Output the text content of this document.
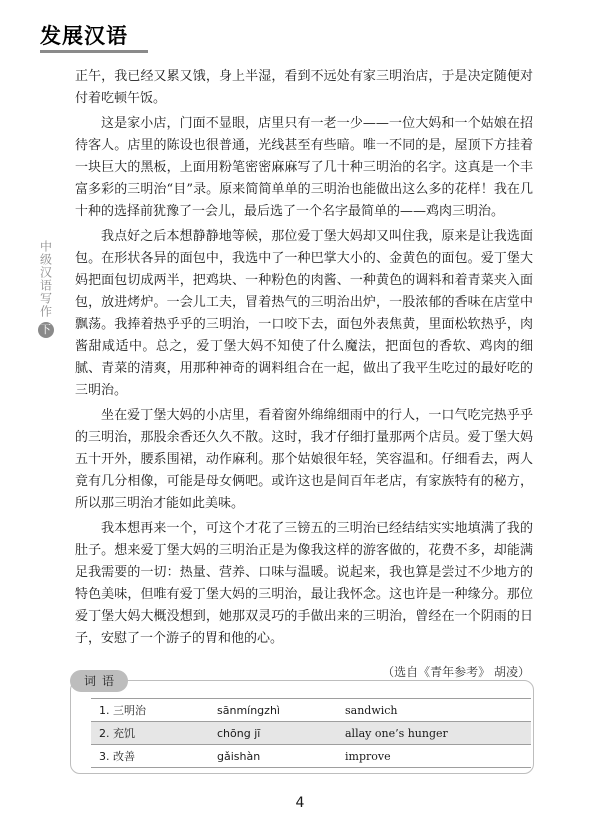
发展汉语
中级汉语写作
下

正午，我已经又累又饿，身上半湿，看到不远处有家三明治店，于是决定随便对付着吃顿午饭。

这是家小店，门面不显眼，店里只有一老一少——一位大妈和一个姑娘在招待客人。店里的陈设也很普通，光线甚至有些暗。唯一不同的是，屋顶下方挂着一块巨大的黑板，上面用粉笔密密麻麻写了几十种三明治的名字。这真是一个丰富多彩的三明治“目”录。原来简简单单的三明治也能做出这么多的花样！我在几十种的选择前犹豫了一会儿，最后选了一个名字最简单的——鸡肉三明治。

我点好之后本想静静地等候，那位爱丁堡大妈却又叫住我，原来是让我选面包。在形状各异的面包中，我选中了一种巴掌大小的、金黄色的面包。爱丁堡大妈把面包切成两半，把鸡块、一种粉色的肉酱、一种黄色的调料和着青菜夹入面包，放进烤炉。一会儿工夫，冒着热气的三明治出炉，一股浓郁的香味在店堂中飘荡。我捧着热乎乎的三明治，一口咬下去，面包外表焦黄，里面松软热乎，肉酱甜咸适中。总之，爱丁堡大妈不知使了什么魔法，把面包的香软、鸡肉的细腻、青菜的清爽，用那种神奇的调料组合在一起，做出了我平生吃过的最好吃的三明治。

坐在爱丁堡大妈的小店里，看着窗外绵绵细雨中的行人，一口气吃完热乎乎的三明治，那股余香还久久不散。这时，我才仔细打量那两个店员。爱丁堡大妈五十开外，腰系围裙，动作麻利。那个姑娘很年轻，笑容温和。仔细看去，两人竟有几分相像，可能是母女俩吧。或许这也是间百年老店，有家族特有的秘方，所以那三明治才能如此美味。

我本想再来一个，可这个才花了三镑五的三明治已经结结实实地填满了我的肚子。想来爱丁堡大妈的三明治正是为像我这样的游客做的，花费不多，却能满足我需要的一切：热量、营养、口味与温暖。说起来，我也算是尝过不少地方的特色美味，但唯有爱丁堡大妈的三明治，最让我怀念。这也许是一种缘分。那位爱丁堡大妈大概没想到，她那双灵巧的手做出来的三明治，曾经在一个阴雨的日子，安慰了一个游子的胃和他的心。

（选自《青年参考》 胡凌）
词语
1. 三明治	sānmíngzhì	sandwich
2. 充饥	chōng jī	allay one’s hunger
3. 改善	gǎishàn	improve
4
